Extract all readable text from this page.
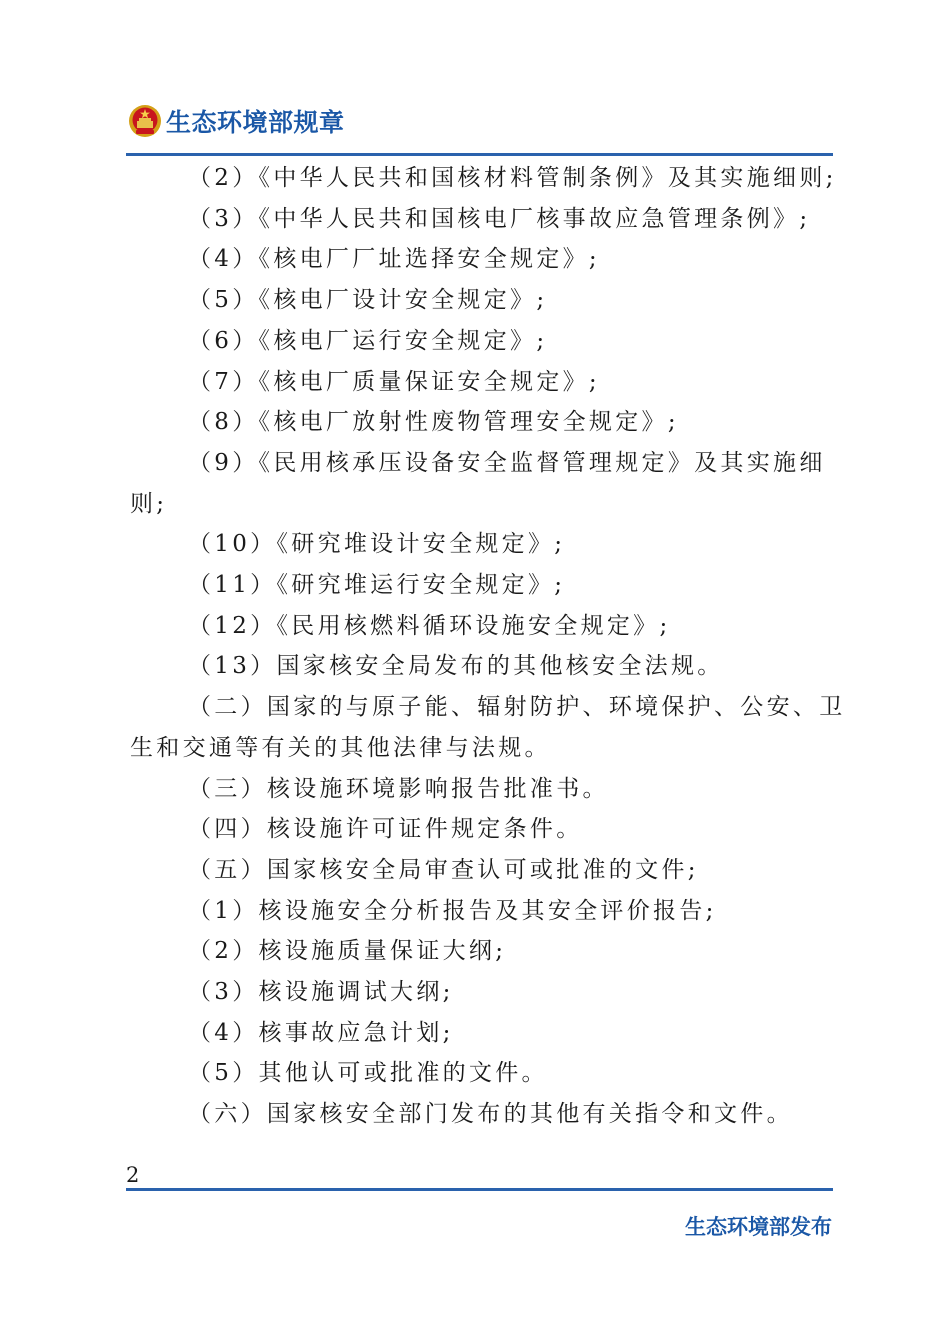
生态环境部规章
（2）《中华人民共和国核材料管制条例》及其实施细则;
（3）《中华人民共和国核电厂核事故应急管理条例》;
（4）《核电厂厂址选择安全规定》;
（5）《核电厂设计安全规定》;
（6）《核电厂运行安全规定》;
（7）《核电厂质量保证安全规定》;
（8）《核电厂放射性废物管理安全规定》;
（9）《民用核承压设备安全监督管理规定》及其实施细
则;
（10）《研究堆设计安全规定》;
（11）《研究堆运行安全规定》;
（12）《民用核燃料循环设施安全规定》;
（13）国家核安全局发布的其他核安全法规。
（二）国家的与原子能、辐射防护、环境保护、公安、卫
生和交通等有关的其他法律与法规。
（三）核设施环境影响报告批准书。
（四）核设施许可证件规定条件。
（五）国家核安全局审查认可或批准的文件;
（1）核设施安全分析报告及其安全评价报告;
（2）核设施质量保证大纲;
（3）核设施调试大纲;
（4）核事故应急计划;
（5）其他认可或批准的文件。
（六）国家核安全部门发布的其他有关指令和文件。
2
生态环境部发布
